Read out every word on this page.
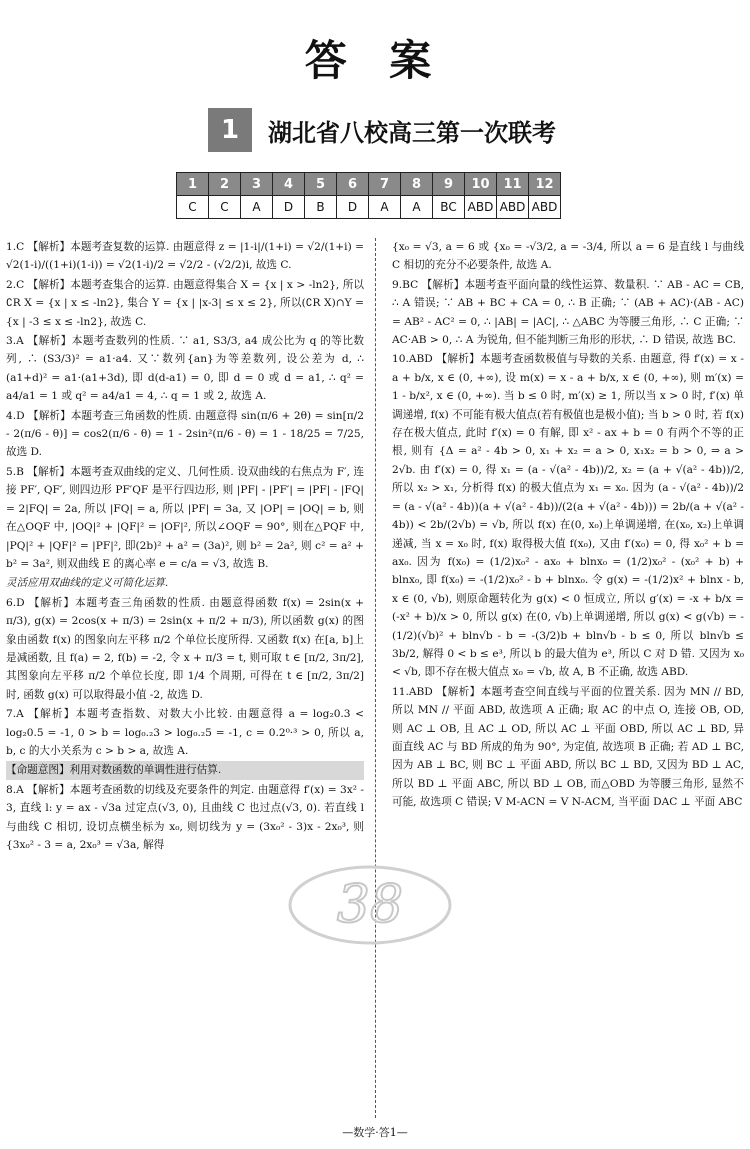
答 案
1	湖北省八校高三第一次联考
1	2	3	4	5	6	7	8	9	10	11	12
C	C	A	D	B	D	A	A	BC	ABD	ABD	ABD
1.C 【解析】本题考查复数的运算. 由题意得 z = |1-i|/(1+i) = √2/(1+i) = √2(1-i)/((1+i)(1-i)) = √2(1-i)/2 = √2/2 - (√2/2)i, 故选 C.
2.C 【解析】本题考查集合的运算. 由题意得集合 X = {x | x > -ln2}, 所以 ∁R X = {x | x ≤ -ln2}, 集合 Y = {x | |x-3| ≤ x ≤ 2}, 所以(∁R X)∩Y = {x | -3 ≤ x ≤ -ln2}, 故选 C.
3.A 【解析】本题考查数列的性质. ∵ a1, S3/3, a4 成公比为 q 的等比数列, ∴ (S3/3)² = a1·a4. 又∵数列{an}为等差数列, 设公差为 d, ∴ (a1+d)² = a1·(a1+3d), 即 d(d-a1) = 0, 即 d = 0 或 d = a1, ∴ q² = a4/a1 = 1 或 q² = a4/a1 = 4, ∴ q = 1 或 2, 故选 A.
4.D 【解析】本题考查三角函数的性质. 由题意得 sin(π/6 + 2θ) = sin[π/2 - 2(π/6 - θ)] = cos2(π/6 - θ) = 1 - 2sin²(π/6 - θ) = 1 - 18/25 = 7/25, 故选 D.
5.B 【解析】本题考查双曲线的定义、几何性质. 设双曲线的右焦点为 F′, 连接 PF′, QF′, 则四边形 PF′QF 是平行四边形, 则 |PF| - |PF′| = |PF| - |FQ| = 2|FQ| = 2a, 所以 |FQ| = a, 所以 |PF| = 3a, 又 |OP| = |OQ| = b, 则在△OQF 中, |OQ|² + |QF|² = |OF|², 所以∠OQF = 90°, 则在△PQF 中, |PQ|² + |QF|² = |PF|², 即(2b)² + a² = (3a)², 则 b² = 2a², 则 c² = a² + b² = 3a², 则双曲线 E 的离心率 e = c/a = √3, 故选 B.
灵活应用双曲线的定义可简化运算.
6.D 【解析】本题考查三角函数的性质. 由题意得函数 f(x) = 2sin(x + π/3), g(x) = 2cos(x + π/3) = 2sin(x + π/2 + π/3), 所以函数 g(x) 的图象由函数 f(x) 的图象向左平移 π/2 个单位长度所得. 又函数 f(x) 在[a, b]上是减函数, 且 f(a) = 2, f(b) = -2, 令 x + π/3 = t, 则可取 t ∈ [π/2, 3π/2], 其图象向左平移 π/2 个单位长度, 即 1/4 个周期, 可得在 t ∈ [π/2, 3π/2] 时, 函数 g(x) 可以取得最小值 -2, 故选 D.
7.A 【解析】本题考查指数、对数大小比较. 由题意得 a = log₂0.3 < log₂0.5 = -1, 0 > b = log₀.₂3 > log₀.₂5 = -1, c = 0.2⁰·³ > 0, 所以 a, b, c 的大小关系为 c > b > a, 故选 A.
【命题意图】利用对数函数的单调性进行估算.
8.A 【解析】本题考查函数的切线及充要条件的判定. 由题意得 f′(x) = 3x² - 3, 直线 l: y = ax - √3a 过定点(√3, 0), 且曲线 C 也过点(√3, 0). 若直线 l 与曲线 C 相切, 设切点横坐标为 x₀, 则切线为 y = (3x₀² - 3)x - 2x₀³, 则 {3x₀² - 3 = a, 2x₀³ = √3a, 解得
{x₀ = √3, a = 6 或 {x₀ = -√3/2, a = -3/4, 所以 a = 6 是直线 l 与曲线 C 相切的充分不必要条件, 故选 A.
9.BC 【解析】本题考查平面向量的线性运算、数量积. ∵ AB - AC = CB, ∴ A 错误; ∵ AB + BC + CA = 0, ∴ B 正确; ∵ (AB + AC)·(AB - AC) = AB² - AC² = 0, ∴ |AB| = |AC|, ∴ △ABC 为等腰三角形, ∴ C 正确; ∵ AC·AB > 0, ∴ A 为锐角, 但不能判断三角形的形状, ∴ D 错误, 故选 BC.
10.ABD 【解析】本题考查函数极值与导数的关系. 由题意, 得 f′(x) = x - a + b/x, x ∈ (0, +∞), 设 m(x) = x - a + b/x, x ∈ (0, +∞), 则 m′(x) = 1 - b/x², x ∈ (0, +∞). 当 b ≤ 0 时, m′(x) ≥ 1, 所以当 x > 0 时, f′(x) 单调递增, f(x) 不可能有极大值点(若有极值也是极小值); 当 b > 0 时, 若 f(x) 存在极大值点, 此时 f′(x) = 0 有解, 即 x² - ax + b = 0 有两个不等的正根, 则有 {Δ = a² - 4b > 0, x₁ + x₂ = a > 0, x₁x₂ = b > 0, ⇒ a > 2√b. 由 f′(x) = 0, 得 x₁ = (a - √(a² - 4b))/2, x₂ = (a + √(a² - 4b))/2, 所以 x₂ > x₁, 分析得 f(x) 的极大值点为 x₁ = x₀. 因为 (a - √(a² - 4b))/2 = (a - √(a² - 4b))(a + √(a² - 4b))/(2(a + √(a² - 4b))) = 2b/(a + √(a² - 4b)) < 2b/(2√b) = √b, 所以 f(x) 在(0, x₀)上单调递增, 在(x₀, x₂)上单调递减, 当 x = x₀ 时, f(x) 取得极大值 f(x₀), 又由 f′(x₀) = 0, 得 x₀² + b = ax₀. 因为 f(x₀) = (1/2)x₀² - ax₀ + blnx₀ = (1/2)x₀² - (x₀² + b) + blnx₀, 即 f(x₀) = -(1/2)x₀² - b + blnx₀. 令 g(x) = -(1/2)x² + blnx - b, x ∈ (0, √b), 则原命题转化为 g(x) < 0 恒成立, 所以 g′(x) = -x + b/x = (-x² + b)/x > 0, 所以 g(x) 在(0, √b)上单调递增, 所以 g(x) < g(√b) = -(1/2)(√b)² + bln√b - b = -(3/2)b + bln√b - b ≤ 0, 所以 bln√b ≤ 3b/2, 解得 0 < b ≤ e³, 所以 b 的最大值为 e³, 所以 C 对 D 错. 又因为 x₀ < √b, 即不存在极大值点 x₀ = √b, 故 A, B 不正确, 故选 ABD.
11.ABD 【解析】本题考查空间直线与平面的位置关系. 因为 MN // BD, 所以 MN // 平面 ABD, 故选项 A 正确; 取 AC 的中点 O, 连接 OB, OD, 则 AC ⊥ OB, 且 AC ⊥ OD, 所以 AC ⊥ 平面 OBD, 所以 AC ⊥ BD, 异面直线 AC 与 BD 所成的角为 90°, 为定值, 故选项 B 正确; 若 AD ⊥ BC, 因为 AB ⊥ BC, 则 BC ⊥ 平面 ABD, 所以 BC ⊥ BD, 又因为 BD ⊥ AC, 所以 BD ⊥ 平面 ABC, 所以 BD ⊥ OB, 而△OBD 为等腰三角形, 显然不可能, 故选项 C 错误; V M-ACN = V N-ACM, 当平面 DAC ⊥ 平面 ABC
38
—数学·答1—
